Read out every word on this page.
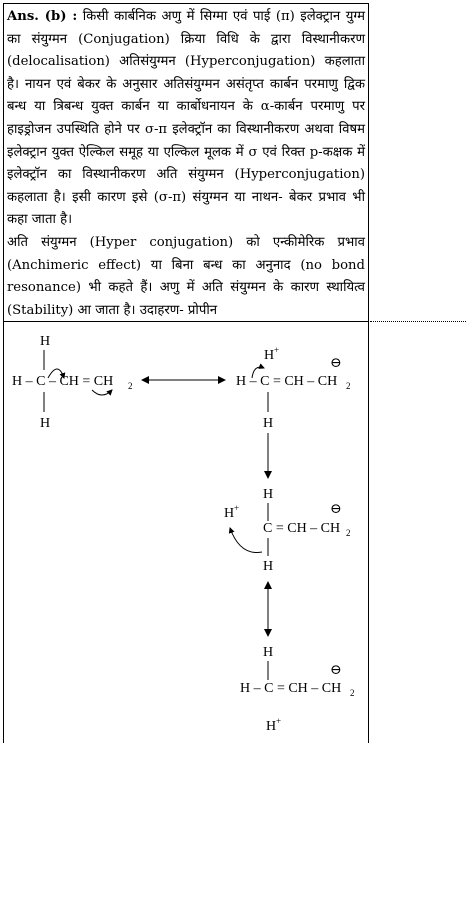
Ans. (b) : किसी कार्बनिक अणु में सिग्मा एवं पाई (π) इलेक्ट्रान युग्म का संयुग्मन (Conjugation) क्रिया विधि के द्वारा विस्थानीकरण (delocalisation) अतिसंयुग्मन (Hyperconjugation) कहलाता है। नायन एवं बेकर के अनुसार अतिसंयुग्मन असंतृप्त कार्बन परमाणु द्विक बन्ध या त्रिबन्ध युक्त कार्बन या कार्बोधनायन के α-कार्बन परमाणु पर हाइड्रोजन उपस्थिति होने पर σ-π इलेक्ट्रॉन का विस्थानीकरण अथवा विषम इलेक्ट्रान युक्त ऐल्किल समूह या एल्किल मूलक में σ एवं रिक्त p-कक्षक में इलेक्ट्रॉन का विस्थानीकरण अति संयुग्मन (Hyperconjugation) कहलाता है। इसी कारण इसे (σ-π) संयुग्मन या नाथन- बेकर प्रभाव भी कहा जाता है।

अति संयुग्मन (Hyper conjugation) को एन्कीमेरिक प्रभाव (Anchimeric effect) या बिना बन्ध का अनुनाद (no bond resonance) भी कहते हैं। अणु में अति संयुग्मन के कारण स्थायित्व (Stability) आ जाता है। उदाहरण- प्रोपीन

H
H – C – CH = CH 2
H
H +
⊖
H – C = CH – CH 2
H
H
H +	⊖
C = CH – CH 2
H
H
⊖
H – C = CH – CH 2
H +
